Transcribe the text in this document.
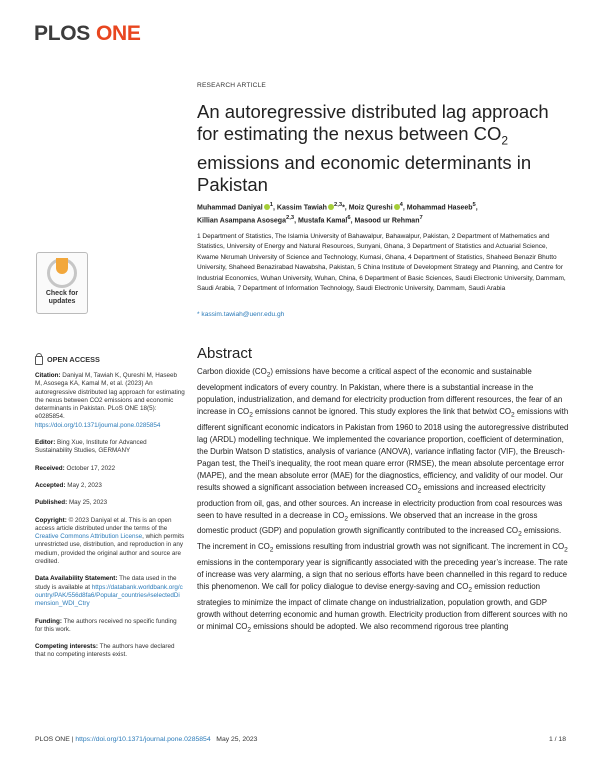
PLOS ONE
Check for
updates
OPEN ACCESS

Citation: Daniyal M, Tawiah K, Qureshi M, Haseeb M, Asosega KA, Kamal M, et al. (2023) An autoregressive distributed lag approach for estimating the nexus between CO2 emissions and economic determinants in Pakistan. PLoS ONE 18(5): e0285854. https://doi.org/10.1371/journal.pone.0285854

Editor: Bing Xue, Institute for Advanced Sustainability Studies, GERMANY

Received: October 17, 2022

Accepted: May 2, 2023

Published: May 25, 2023

Copyright: © 2023 Daniyal et al. This is an open access article distributed under the terms of the Creative Commons Attribution License, which permits unrestricted use, distribution, and reproduction in any medium, provided the original author and source are credited.

Data Availability Statement: The data used in the study is available at https://databank.worldbank.org/country/PAK/556d8fa6/Popular_countries#selectedDimension_WDI_Ctry

Funding: The authors received no specific funding for this work.

Competing interests: The authors have declared that no competing interests exist.

RESEARCH ARTICLE
An autoregressive distributed lag approach
for estimating the nexus between $CO_2$
emissions and economic determinants in
Pakistan
Muhammad Daniyal $^1$, Kassim Tawiah $^{2,3}$*, Moiz Qureshi $^4$, Mohammad Haseeb$^5$,
Killian Asampana Asosega$^{2,3}$, Mustafa Kamal$^6$, Masood ur Rehman$^7$
1 Department of Statistics, The Islamia University of Bahawalpur, Bahawalpur, Pakistan, 2 Department of Mathematics and Statistics, University of Energy and Natural Resources, Sunyani, Ghana, 3 Department of Statistics and Actuarial Science, Kwame Nkrumah University of Science and Technology, Kumasi, Ghana, 4 Department of Statistics, Shaheed Benazir Bhutto University, Shaheed Benazirabad Nawabsha, Pakistan, 5 China Institute of Development Strategy and Planning, and Centre for Industrial Economics, Wuhan University, Wuhan, China, 6 Department of Basic Sciences, Saudi Electronic University, Dammam, Saudi Arabia, 7 Department of Information Technology, Saudi Electronic University, Dammam, Saudi Arabia
* kassim.tawiah@uenr.edu.gh
Abstract
Carbon dioxide $(CO_2)$ emissions have become a critical aspect of the economic and sustainable development indicators of every country. In Pakistan, where there is a substantial increase in the population, industrialization, and demand for electricity production from different resources, the fear of an increase in $CO_2$ emissions cannot be ignored. This study explores the link that betwixt $CO_2$ emissions with different significant economic indicators in Pakistan from 1960 to 2018 using the autoregressive distributed lag (ARDL) modelling technique. We implemented the covariance proportion, coefficient of determination, the Durbin Watson D statistics, analysis of variance (ANOVA), variance inflating factor (VIF), the Breusch-Pagan test, the Theil’s inequality, the root mean quare error (RMSE), the mean absolute percentage error (MAPE), and the mean absolute error (MAE) for the diagnostics, efficiency, and validity of our model. Our results showed a significant association between increased $CO_2$ emissions and increased electricity production from oil, gas, and other sources. An increase in electricity production from coal resources was seen to have resulted in a decrease in $CO_2$ emissions. We observed that an increase in the gross domestic product (GDP) and population growth significantly contributed to the increased $CO_2$ emissions. The increment in $CO_2$ emissions resulting from industrial growth was not significant. The increment in $CO_2$ emissions in the contemporary year is significantly associated with the preceding year’s increase. The rate of increase was very alarming, a sign that no serious efforts have been channelled in this regard to reduce this phenomenon. We call for policy dialogue to devise energy-saving and $CO_2$ emission reduction strategies to minimize the impact of climate change on industrialization, population growth, and GDP growth without deterring economic and human growth. Electricity production from different sources with no or minimal $CO_2$ emissions should be adopted. We also recommend rigorous tree planting
PLOS ONE | https://doi.org/10.1371/journal.pone.0285854 May 25, 2023	1 / 18
